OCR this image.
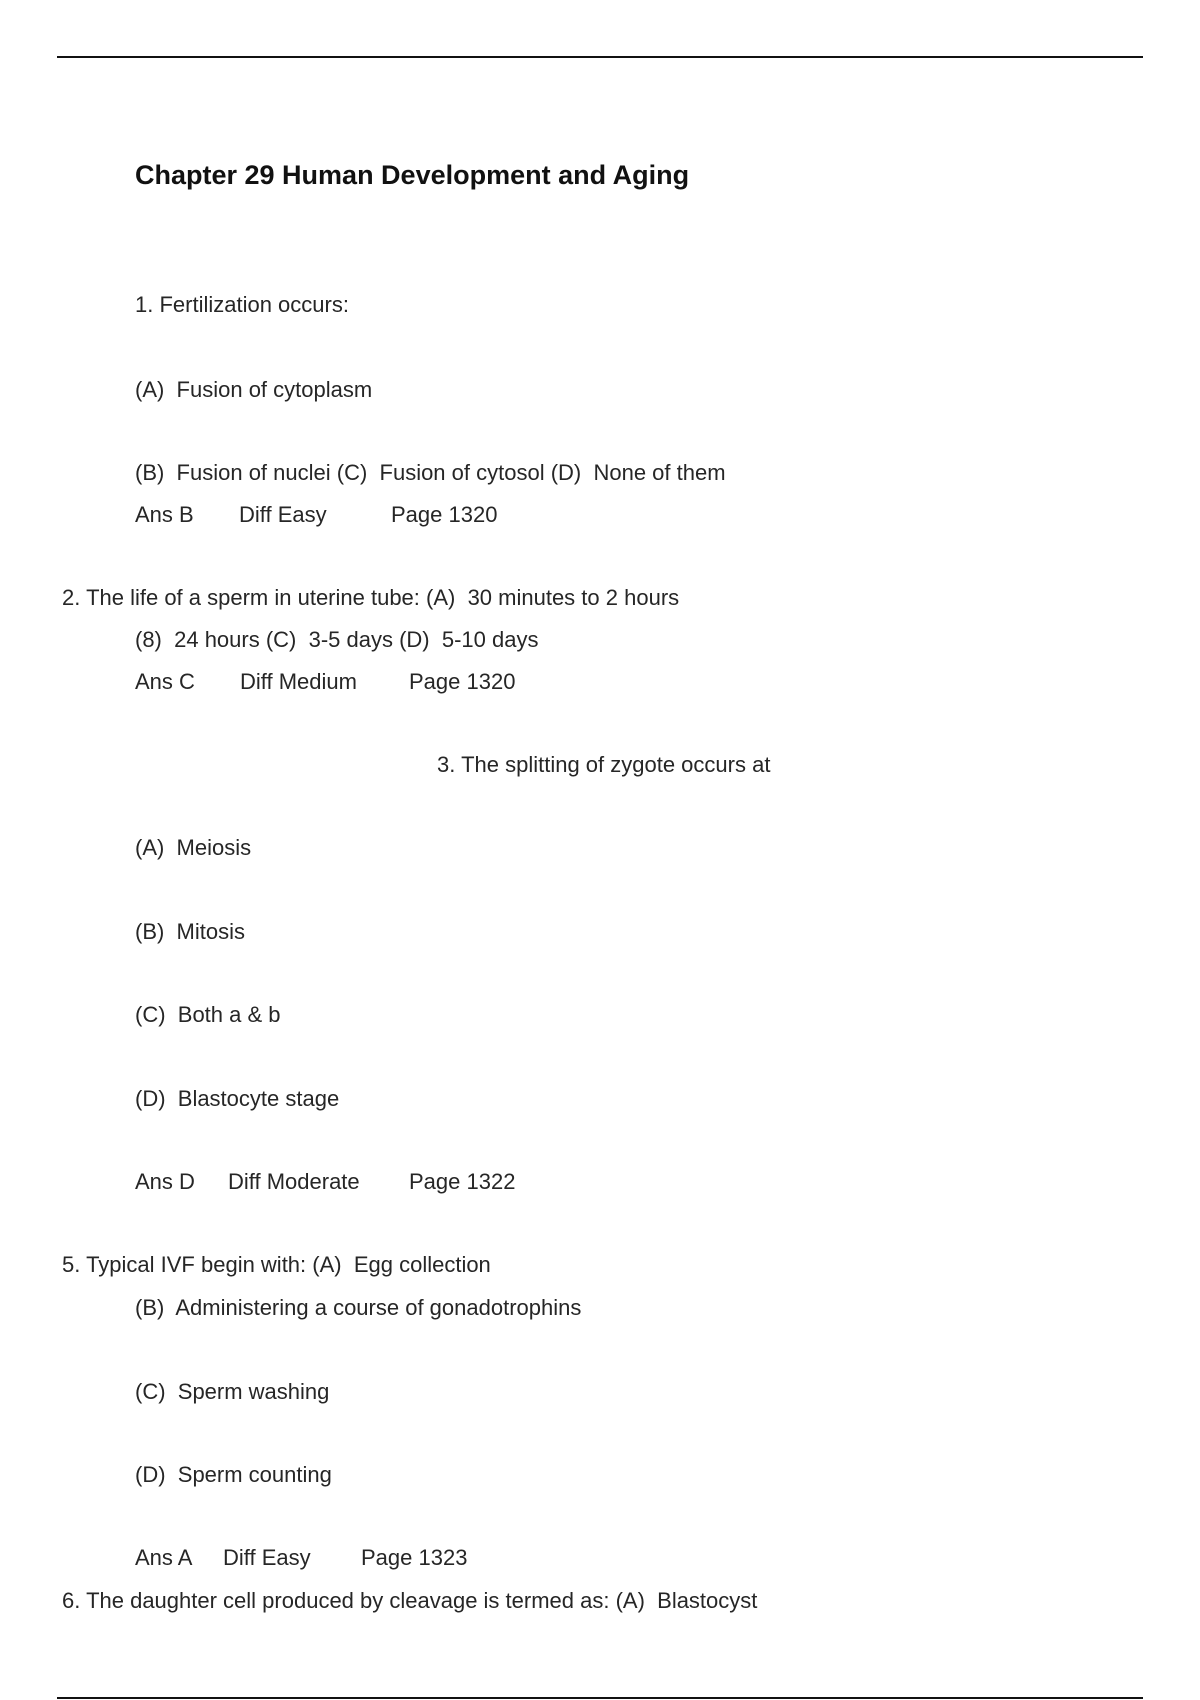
Chapter 29 Human Development and Aging
1. Fertilization occurs:
(A)  Fusion of cytoplasm
(B)  Fusion of nuclei (C)  Fusion of cytosol (D)  None of them
Ans B Diff Easy	Page 1320
2. The life of a sperm in uterine tube: (A)  30 minutes to 2 hours
(8)  24 hours (C)  3-5 days (D)  5-10 days
Ans C Diff Medium Page 1320
3. The splitting of zygote occurs at
(A)  Meiosis
(B)  Mitosis
(C)  Both a & b
(D)  Blastocyte stage
Ans D Diff Moderate Page 1322
5. Typical IVF begin with: (A)  Egg collection
(B)  Administering a course of gonadotrophins
(C)  Sperm washing
(D)  Sperm counting
Ans A Diff Easy Page 1323
6. The daughter cell produced by cleavage is termed as: (A)  Blastocyst
